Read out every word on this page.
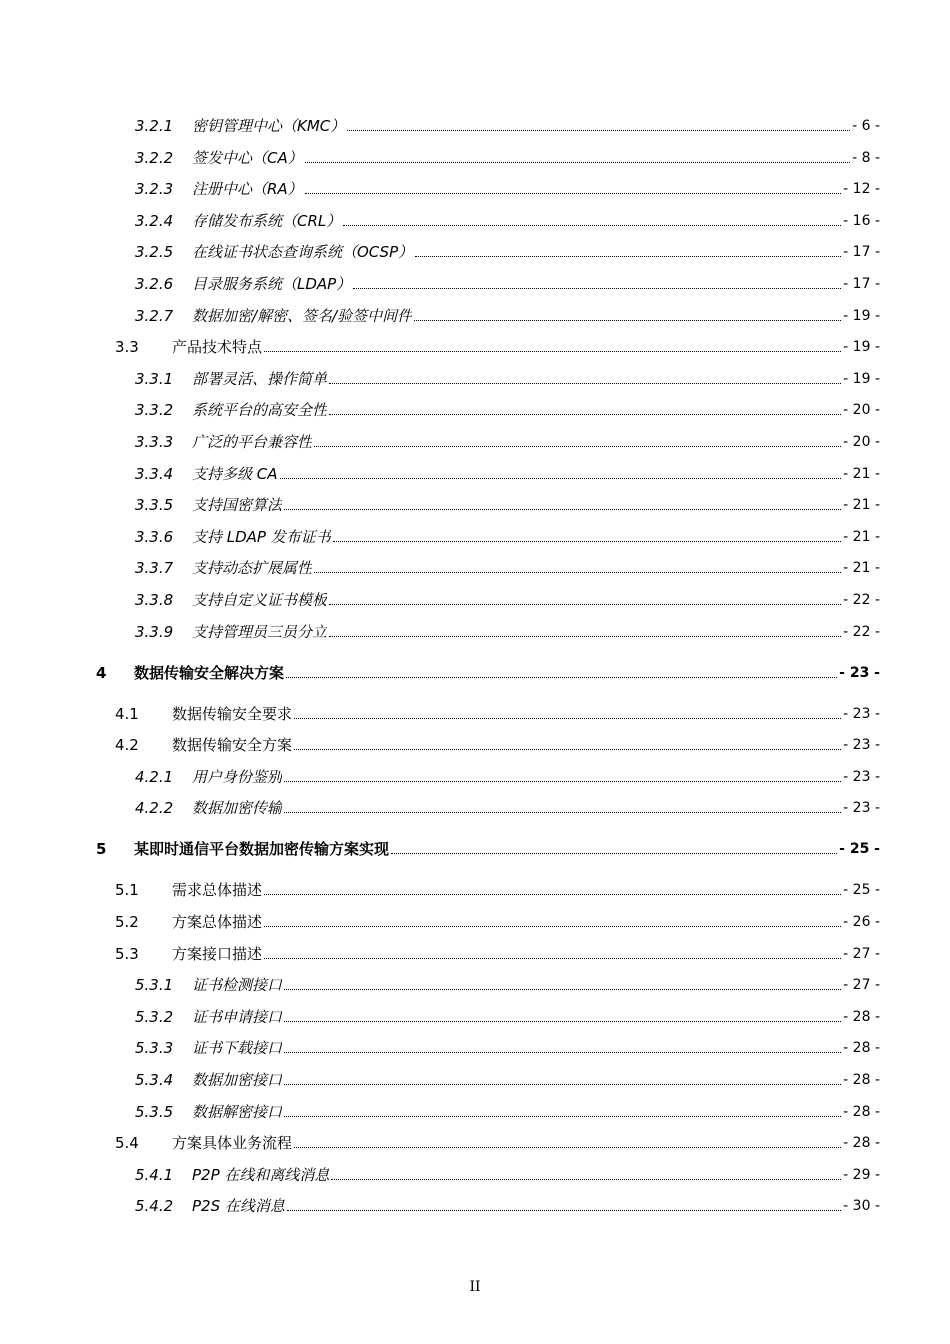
3.2.1	密钥管理中心（KMC）	- 6 -
3.2.2	签发中心（CA）	- 8 -
3.2.3	注册中心（RA）	- 12 -
3.2.4	存储发布系统（CRL）	- 16 -
3.2.5	在线证书状态查询系统（OCSP）	- 17 -
3.2.6	目录服务系统（LDAP）	- 17 -
3.2.7	数据加密/解密、签名/验签中间件	- 19 -
3.3	产品技术特点	- 19 -
3.3.1	部署灵活、操作简单	- 19 -
3.3.2	系统平台的高安全性	- 20 -
3.3.3	广泛的平台兼容性	- 20 -
3.3.4	支持多级 CA	- 21 -
3.3.5	支持国密算法	- 21 -
3.3.6	支持 LDAP 发布证书	- 21 -
3.3.7	支持动态扩展属性	- 21 -
3.3.8	支持自定义证书模板	- 22 -
3.3.9	支持管理员三员分立	- 22 -
4	数据传输安全解决方案	- 23 -
4.1	数据传输安全要求	- 23 -
4.2	数据传输安全方案	- 23 -
4.2.1	用户身份鉴别	- 23 -
4.2.2	数据加密传输	- 23 -
5	某即时通信平台数据加密传输方案实现	- 25 -
5.1	需求总体描述	- 25 -
5.2	方案总体描述	- 26 -
5.3	方案接口描述	- 27 -
5.3.1	证书检测接口	- 27 -
5.3.2	证书申请接口	- 28 -
5.3.3	证书下载接口	- 28 -
5.3.4	数据加密接口	- 28 -
5.3.5	数据解密接口	- 28 -
5.4	方案具体业务流程	- 28 -
5.4.1	P2P 在线和离线消息	- 29 -
5.4.2	P2S 在线消息	- 30 -
II
